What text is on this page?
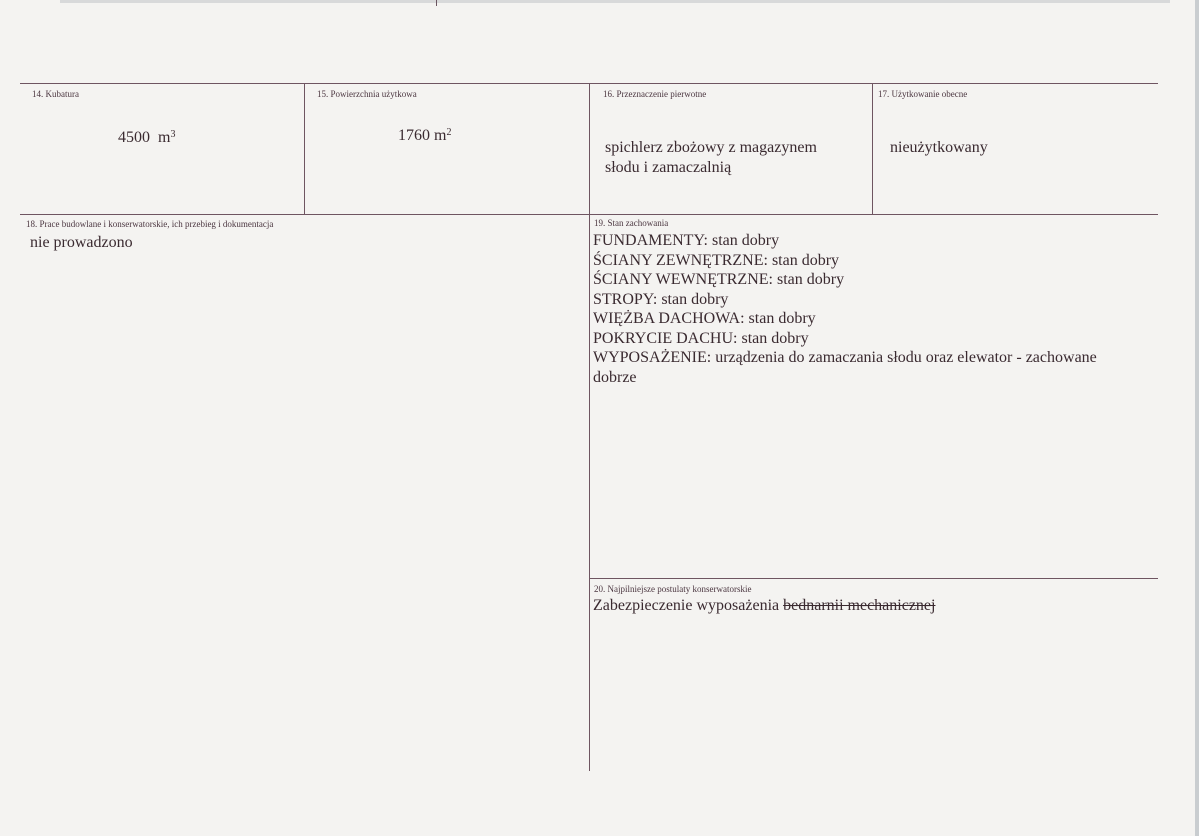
14. Kubatura
4500 $m^3$
15. Powierzchnia użytkowa
1760 $m^2$
16. Przeznaczenie pierwotne
spichlerz zbożowy z magazynem
słodu i zamaczalnią
17. Użytkowanie obecne
nieużytkowany
18. Prace budowlane i konserwatorskie, ich przebieg i dokumentacja
nie prowadzono
19. Stan zachowania
FUNDAMENTY: stan dobry
ŚCIANY ZEWNĘTRZNE: stan dobry
ŚCIANY WEWNĘTRZNE: stan dobry
STROPY: stan dobry
WIĘŻBA DACHOWA: stan dobry
POKRYCIE DACHU: stan dobry
WYPOSAŻENIE: urządzenia do zamaczania słodu oraz elewator - zachowane
dobrze
20. Najpilniejsze postulaty konserwatorskie
Zabezpieczenie wyposażenia bednarnii mechanicznej
